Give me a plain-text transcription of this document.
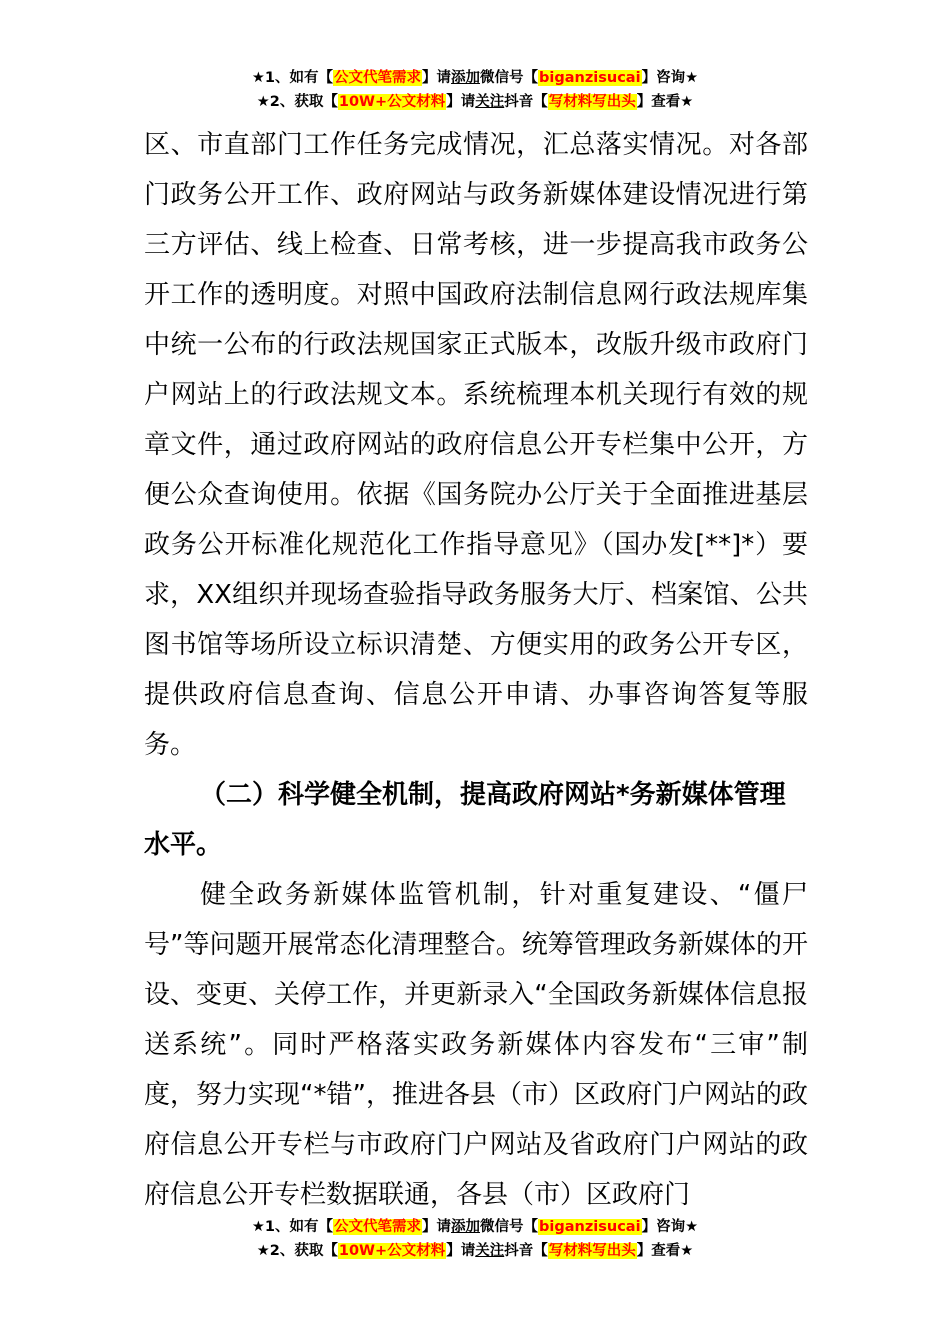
★1、如有【公文代笔需求】请添加微信号【biganzisucai】咨询★
★2、获取【10W+公文材料】请关注抖音【写材料写出头】查看★

区、市直部门工作任务完成情况，汇总落实情况。对各部门政务公开工作、政府网站与政务新媒体建设情况进行第三方评估、线上检查、日常考核，进一步提高我市政务公开工作的透明度。对照中国政府法制信息网行政法规库集中统一公布的行政法规国家正式版本，改版升级市政府门户网站上的行政法规文本。系统梳理本机关现行有效的规章文件，通过政府网站的政府信息公开专栏集中公开，方便公众查询使用。依据《国务院办公厅关于全面推进基层政务公开标准化规范化工作指导意见》（国办发[**]*）要求，XX组织并现场查验指导政务服务大厅、档案馆、公共图书馆等场所设立标识清楚、方便实用的政务公开专区，提供政府信息查询、信息公开申请、办事咨询答复等服务。

（二）科学健全机制，提高政府网站*务新媒体管理水平。

健全政务新媒体监管机制，针对重复建设、“僵尸号”等问题开展常态化清理整合。统筹管理政务新媒体的开设、变更、关停工作，并更新录入“全国政务新媒体信息报送系统”。同时严格落实政务新媒体内容发布“三审”制度，努力实现“*错”，推进各县（市）区政府门户网站的政府信息公开专栏与市政府门户网站及省政府门户网站的政府信息公开专栏数据联通，各县（市）区政府门

★1、如有【公文代笔需求】请添加微信号【biganzisucai】咨询★
★2、获取【10W+公文材料】请关注抖音【写材料写出头】查看★
